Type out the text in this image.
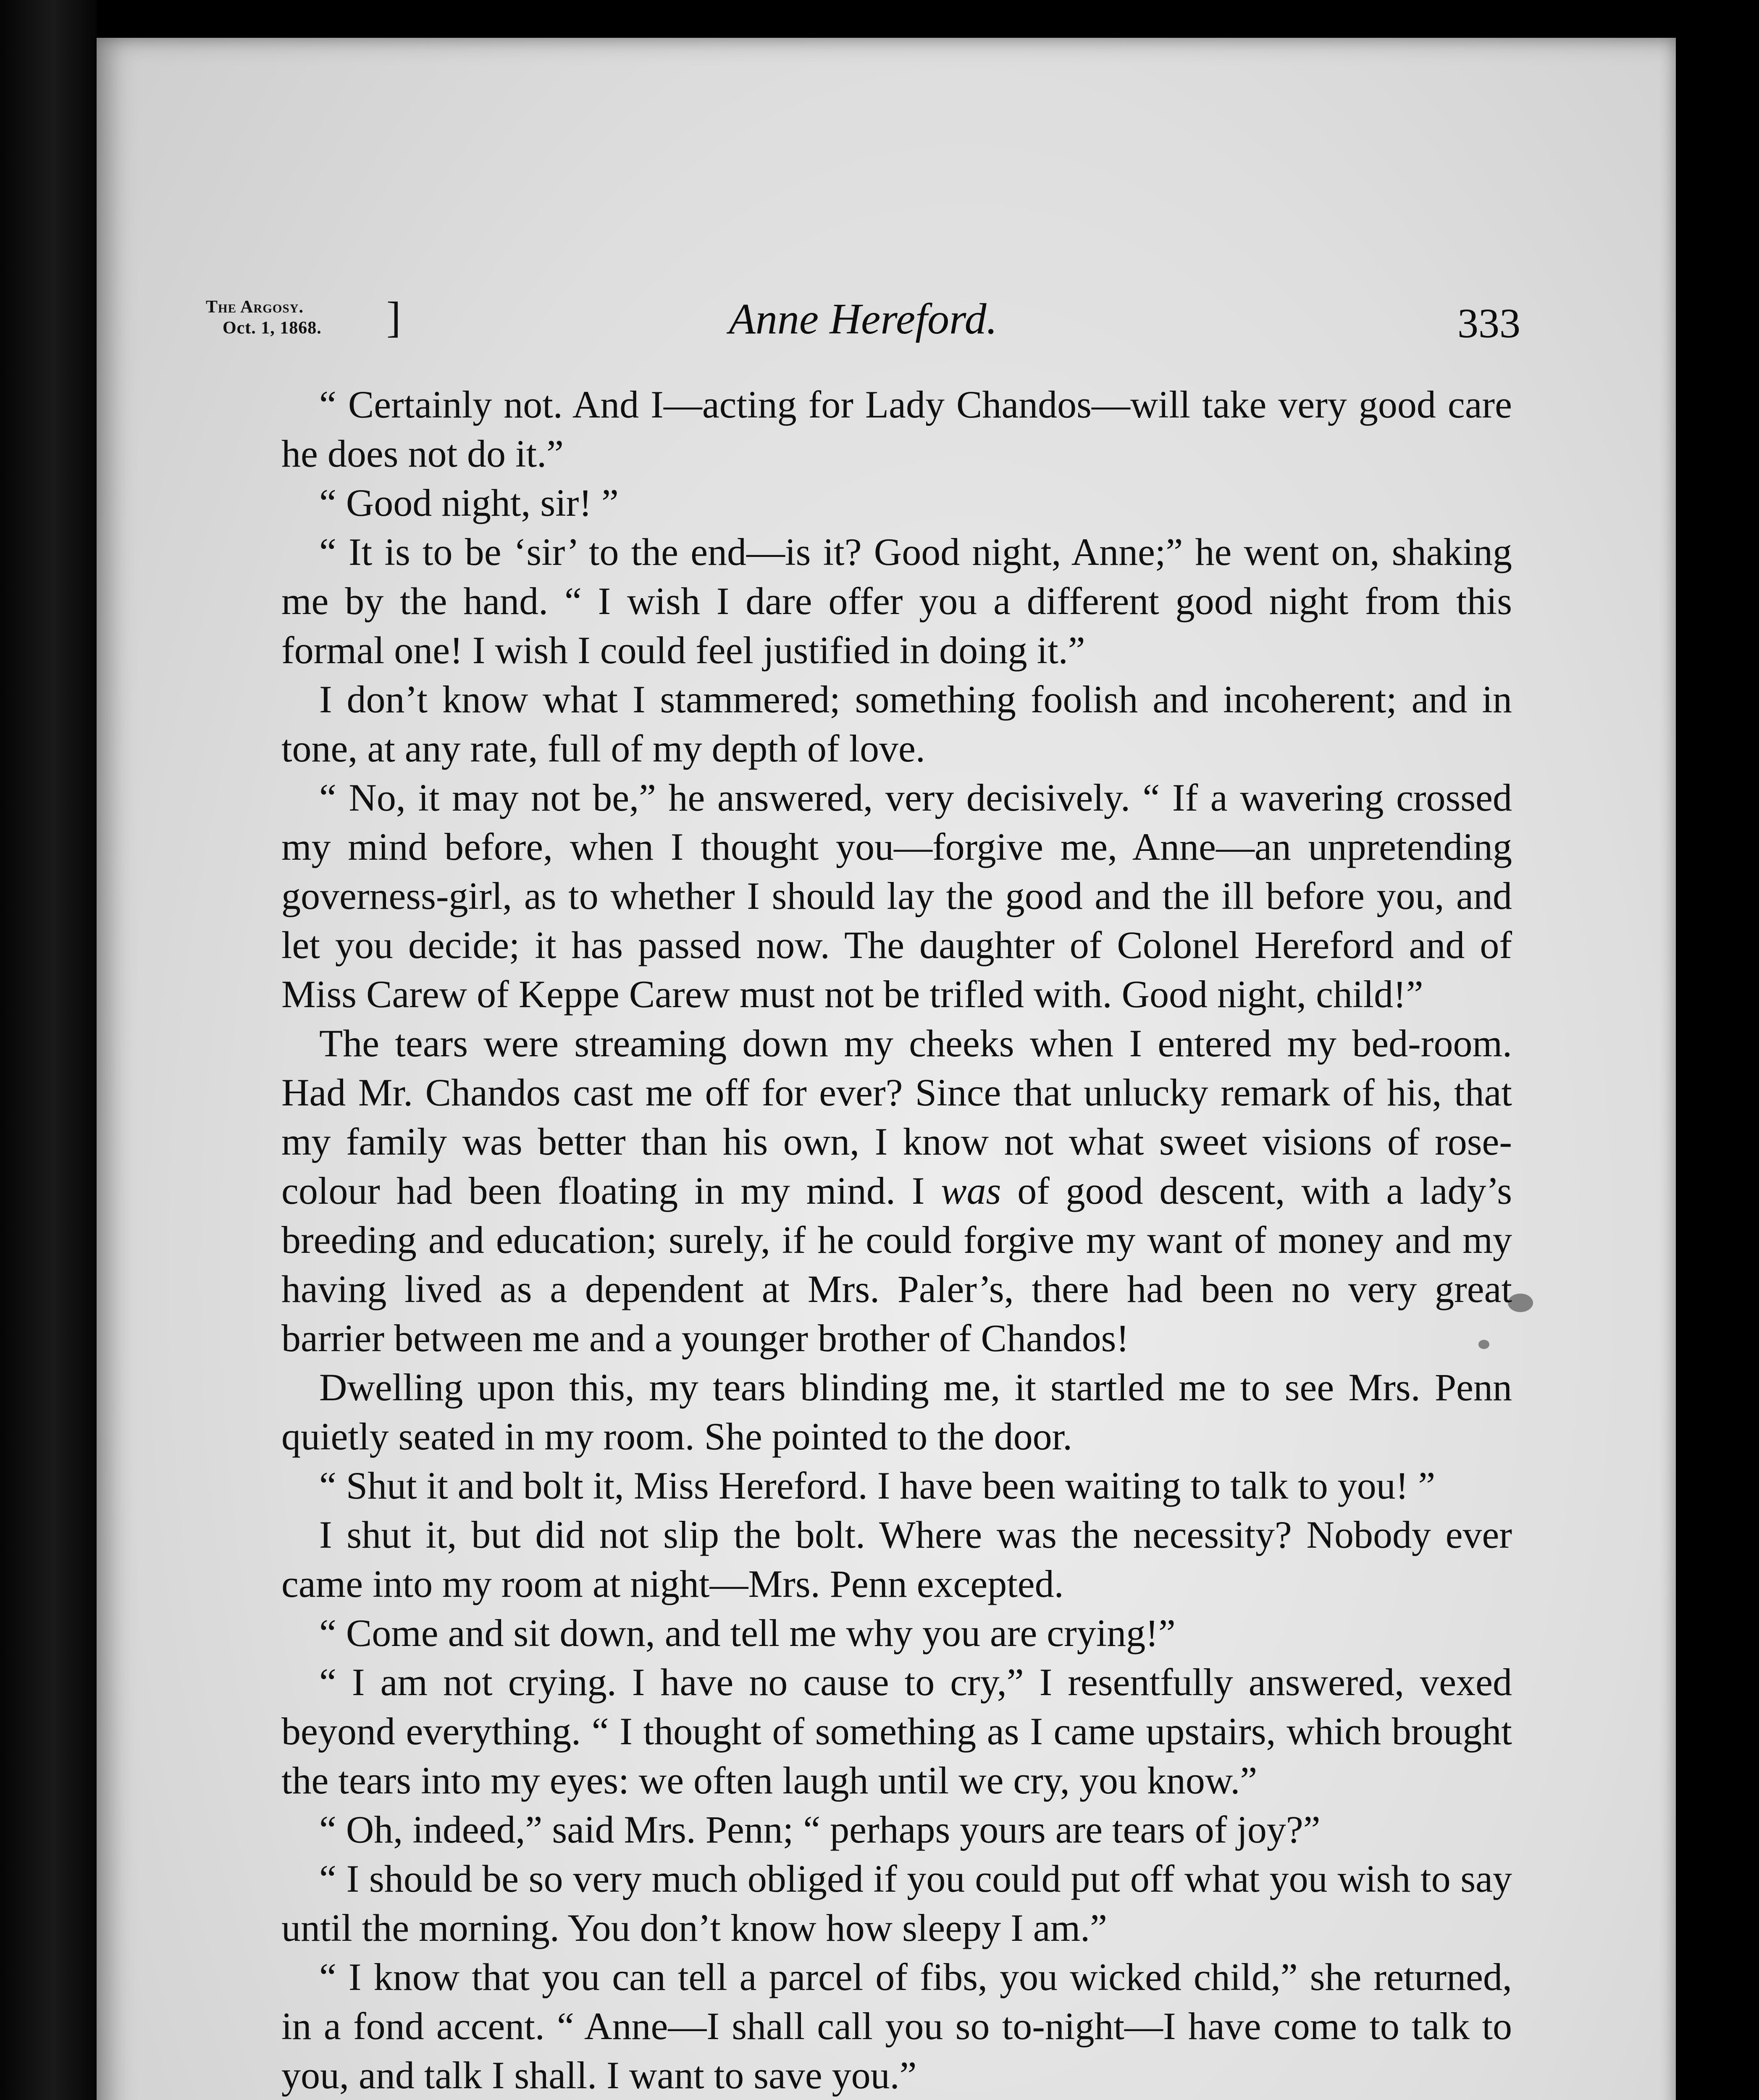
The Argosy.
Oct. 1, 1868. ]	Anne Hereford.	333

“ Certainly not. And I—acting for Lady Chandos—will take very good care he does not do it.”

“ Good night, sir! ”

“ It is to be ‘sir’ to the end—is it? Good night, Anne;” he went on, shaking me by the hand. “ I wish I dare offer you a different good night from this formal one! I wish I could feel justified in doing it.”

I don’t know what I stammered; something foolish and incoherent; and in tone, at any rate, full of my depth of love.

“ No, it may not be,” he answered, very decisively. “ If a wavering crossed my mind before, when I thought you—forgive me, Anne—an unpretending governess-girl, as to whether I should lay the good and the ill before you, and let you decide; it has passed now. The daughter of Colonel Hereford and of Miss Carew of Keppe Carew must not be trifled with. Good night, child!”

The tears were streaming down my cheeks when I entered my bed-room. Had Mr. Chandos cast me off for ever? Since that unlucky remark of his, that my family was better than his own, I know not what sweet visions of rose-colour had been floating in my mind. I was of good descent, with a lady’s breeding and education; surely, if he could forgive my want of money and my having lived as a dependent at Mrs. Paler’s, there had been no very great barrier between me and a younger brother of Chandos!

Dwelling upon this, my tears blinding me, it startled me to see Mrs. Penn quietly seated in my room. She pointed to the door.

“ Shut it and bolt it, Miss Hereford. I have been waiting to talk to you! ”

I shut it, but did not slip the bolt. Where was the necessity? Nobody ever came into my room at night—Mrs. Penn excepted.

“ Come and sit down, and tell me why you are crying!”

“ I am not crying. I have no cause to cry,” I resentfully answered, vexed beyond everything. “ I thought of something as I came upstairs, which brought the tears into my eyes: we often laugh until we cry, you know.”

“ Oh, indeed,” said Mrs. Penn; “ perhaps yours are tears of joy?”

“ I should be so very much obliged if you could put off what you wish to say until the morning. You don’t know how sleepy I am.”

“ I know that you can tell a parcel of fibs, you wicked child,” she returned, in a fond accent. “ Anne—I shall call you so to-night—I have come to talk to you, and talk I shall. I want to save you.”
